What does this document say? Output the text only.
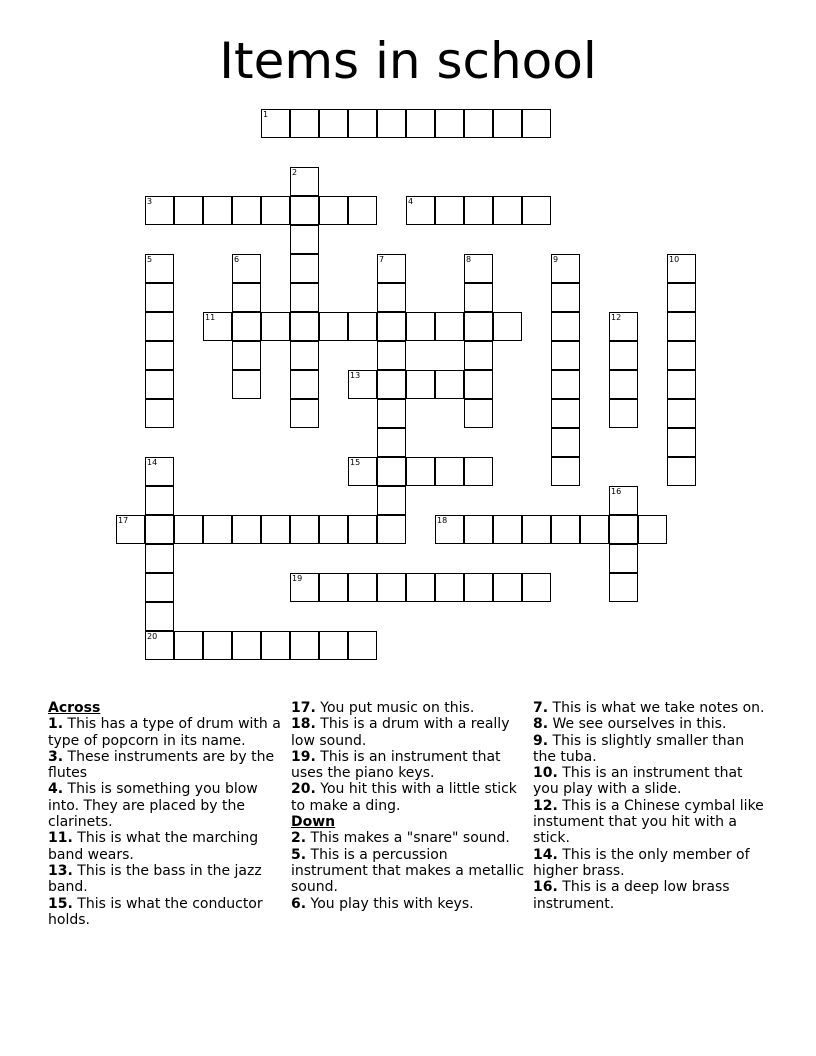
Items in school
1
2
3	4
5	6	7	8	9	10
11	12
13
14
20
15
16
17	18
19
Across
1. This has a type of drum with a type of popcorn in its name.
3. These instruments are by the flutes
4. This is something you blow into. They are placed by the clarinets.
11. This is what the marching band wears.
13. This is the bass in the jazz band.
15. This is what the conductor holds.
17. You put music on this.
18. This is a drum with a really low sound.
19. This is an instrument that uses the piano keys.
20. You hit this with a little stick to make a ding.
Down
2. This makes a "snare" sound.
5. This is a percussion instrument that makes a metallic sound.
6. You play this with keys.
7. This is what we take notes on.
8. We see ourselves in this.
9. This is slightly smaller than the tuba.
10. This is an instrument that you play with a slide.
12. This is a Chinese cymbal like instument that you hit with a stick.
14. This is the only member of higher brass.
16. This is a deep low brass instrument.
